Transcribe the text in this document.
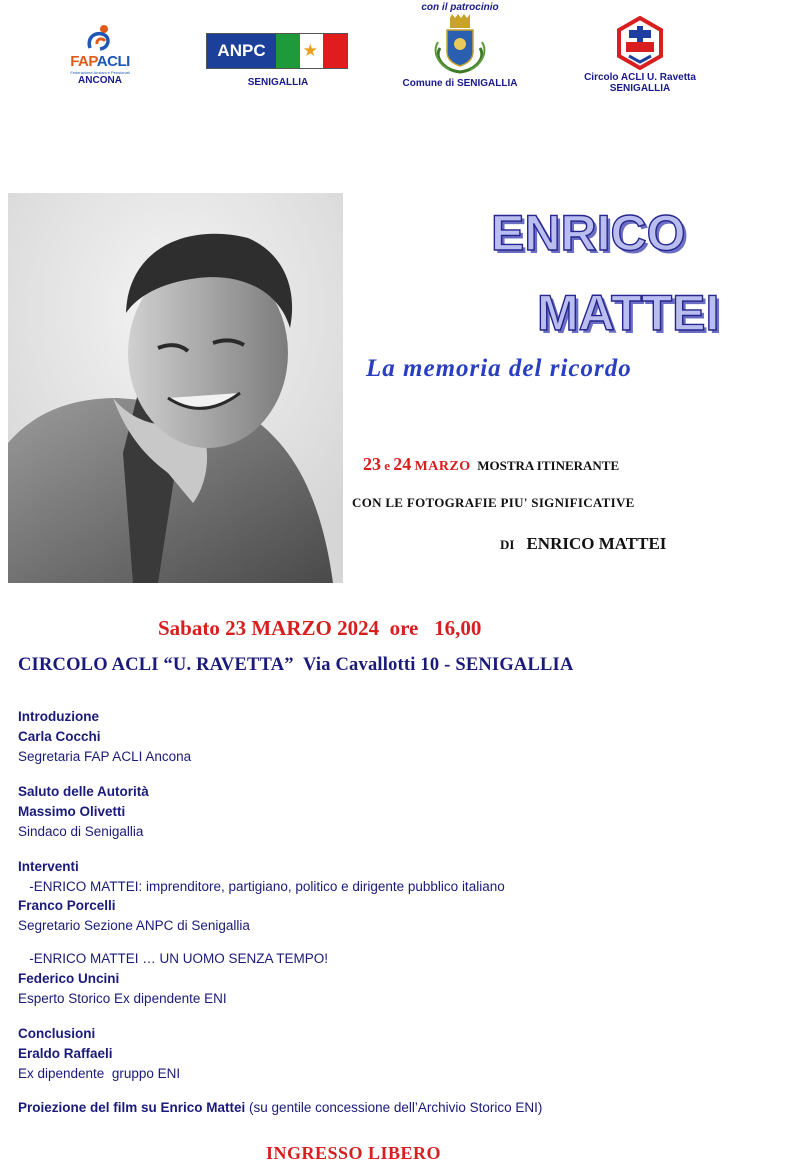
FAPACLI
Federazione Anziani e Pensionati
ANCONA
ANPC	★
SENIGALLIA
con il patrocinio
Comune di SENIGALLIA
Circolo ACLI U. Ravetta
SENIGALLIA
ENRICO
MATTEI
La memoria del ricordo
23 e 24 MARZO MOSTRA ITINERANTE
CON LE FOTOGRAFIE PIU' SIGNIFICATIVE
DI ENRICO MATTEI
Sabato 23 MARZO 2024  ore   16,00
CIRCOLO ACLI “U. RAVETTA”  Via Cavallotti 10 - SENIGALLIA
Introduzione
Carla Cocchi
Segretaria FAP ACLI Ancona
Saluto delle Autorità
Massimo Olivetti
Sindaco di Senigallia
Interventi
-ENRICO MATTEI: imprenditore, partigiano, politico e dirigente pubblico italiano
Franco Porcelli
Segretario Sezione ANPC di Senigallia
-ENRICO MATTEI … UN UOMO SENZA TEMPO!
Federico Uncini
Esperto Storico Ex dipendente ENI
Conclusioni
Eraldo Raffaeli
Ex dipendente  gruppo ENI
Proiezione del film su Enrico Mattei (su gentile concessione dell’Archivio Storico ENI)
INGRESSO LIBERO
